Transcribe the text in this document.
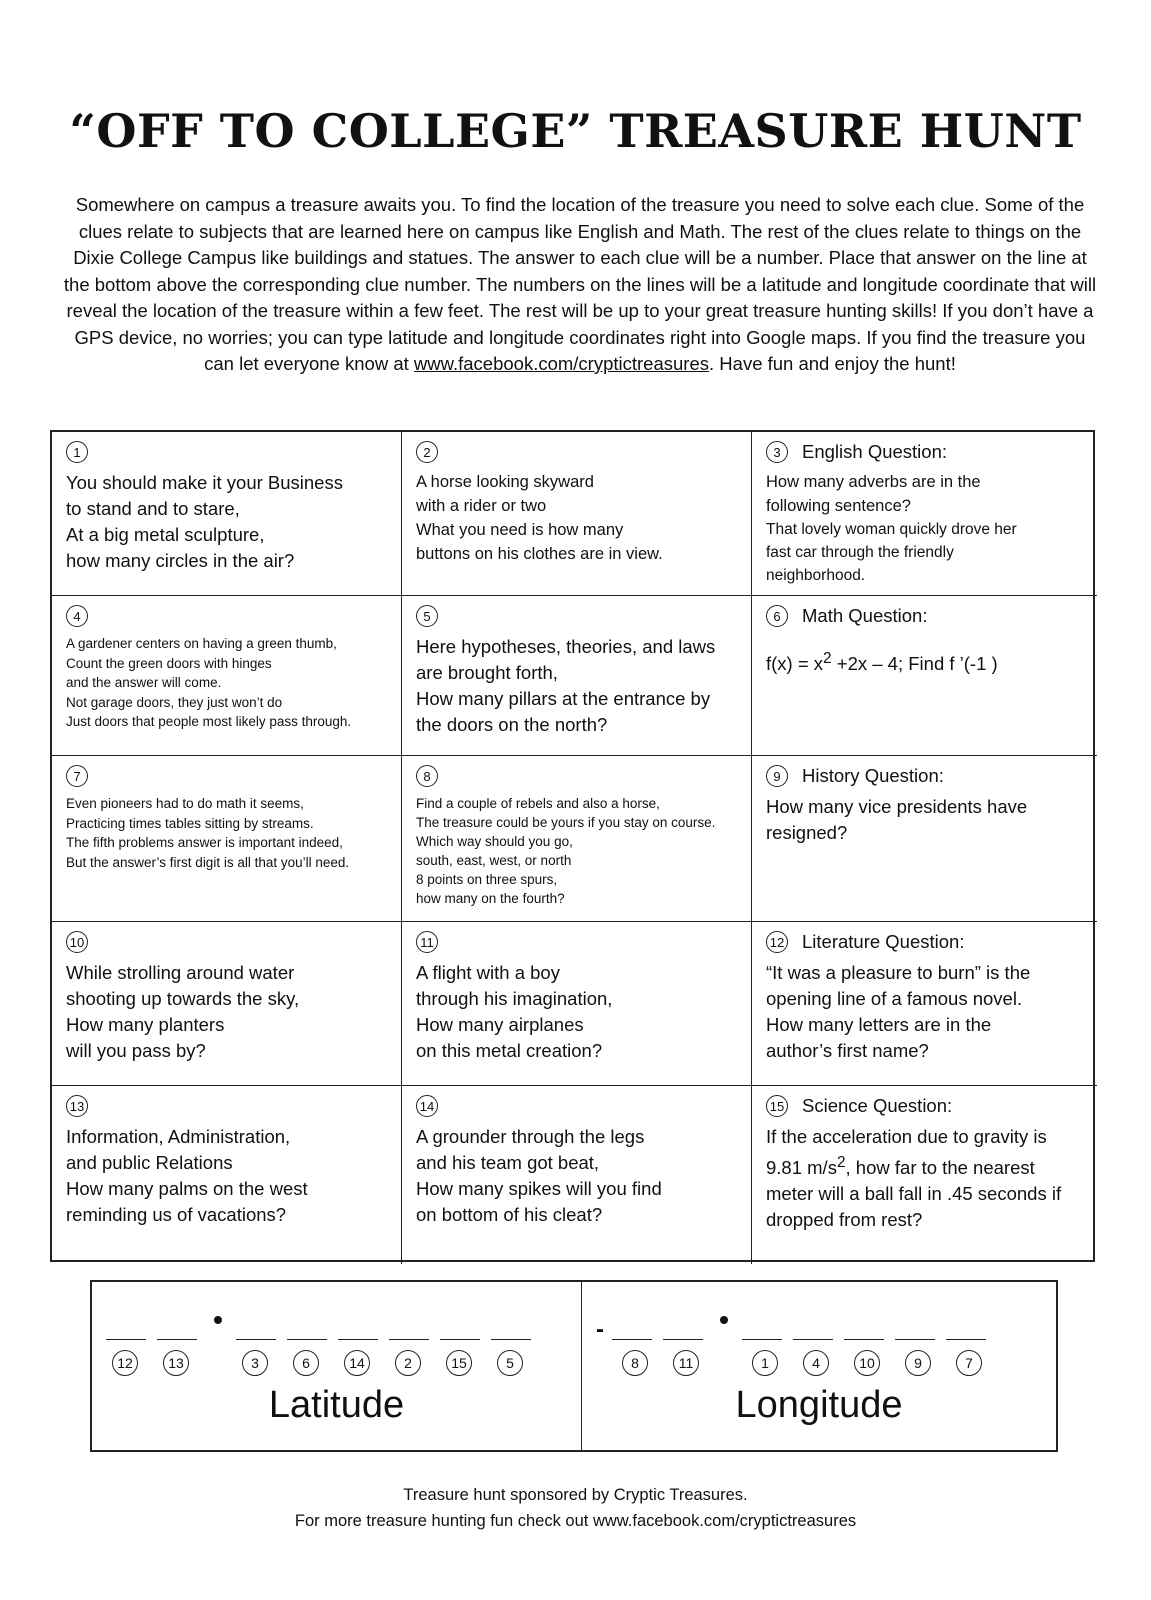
“OFF TO COLLEGE” TREASURE HUNT

Somewhere on campus a treasure awaits you. To find the location of the treasure you need to solve each clue. Some of the clues relate to subjects that are learned here on campus like English and Math. The rest of the clues relate to things on the Dixie College Campus like buildings and statues. The answer to each clue will be a number. Place that answer on the line at the bottom above the corresponding clue number. The numbers on the lines will be a latitude and longitude coordinate that will reveal the location of the treasure within a few feet. The rest will be up to your great treasure hunting skills! If you don’t have a GPS device, no worries; you can type latitude and longitude coordinates right into Google maps. If you find the treasure you can let everyone know at www.facebook.com/cryptictreasures. Have fun and enjoy the hunt!

1
You should make it your Business
to stand and to stare,
At a big metal sculpture,
how many circles in the air?
2
A horse looking skyward
with a rider or two
What you need is how many
buttons on his clothes are in view.
3	English Question:
How many adverbs are in the
following sentence?
That lovely woman quickly drove her
fast car through the friendly
neighborhood.
4
A gardener centers on having a green thumb,
Count the green doors with hinges
and the answer will come.
Not garage doors, they just won’t do
Just doors that people most likely pass through.
5
Here hypotheses, theories, and laws
are brought forth,
How many pillars at the entrance by
the doors on the north?
6	Math Question:
$f(x) = x^2 +2x - 4$; Find f ’(-1 )
7
Even pioneers had to do math it seems,
Practicing times tables sitting by streams.
The fifth problems answer is important indeed,
But the answer’s first digit is all that you’ll need.
8
Find a couple of rebels and also a horse,
The treasure could be yours if you stay on course.
Which way should you go,
south, east, west, or north
8 points on three spurs,
how many on the fourth?
9	History Question:
How many vice presidents have
resigned?
10
While strolling around water
shooting up towards the sky,
How many planters
will you pass by?
11
A flight with a boy
through his imagination,
How many airplanes
on this metal creation?
12 Literature Question:
“It was a pleasure to burn” is the
opening line of a famous novel.
How many letters are in the
author’s first name?
13
Information, Administration,
and public Relations
How many palms on the west
reminding us of vacations?
14
A grounder through the legs
and his team got beat,
How many spikes will you find
on bottom of his cleat?
15 Science Question:
If the acceleration due to gravity is
9.81 $m/s^2$, how far to the nearest
meter will a ball fall in .45 seconds if
dropped from rest?
12	13	3	6	14	2	15	5
Latitude
-
8	11	1	4	10	9	7
Longitude
Treasure hunt sponsored by Cryptic Treasures.
For more treasure hunting fun check out www.facebook.com/cryptictreasures
